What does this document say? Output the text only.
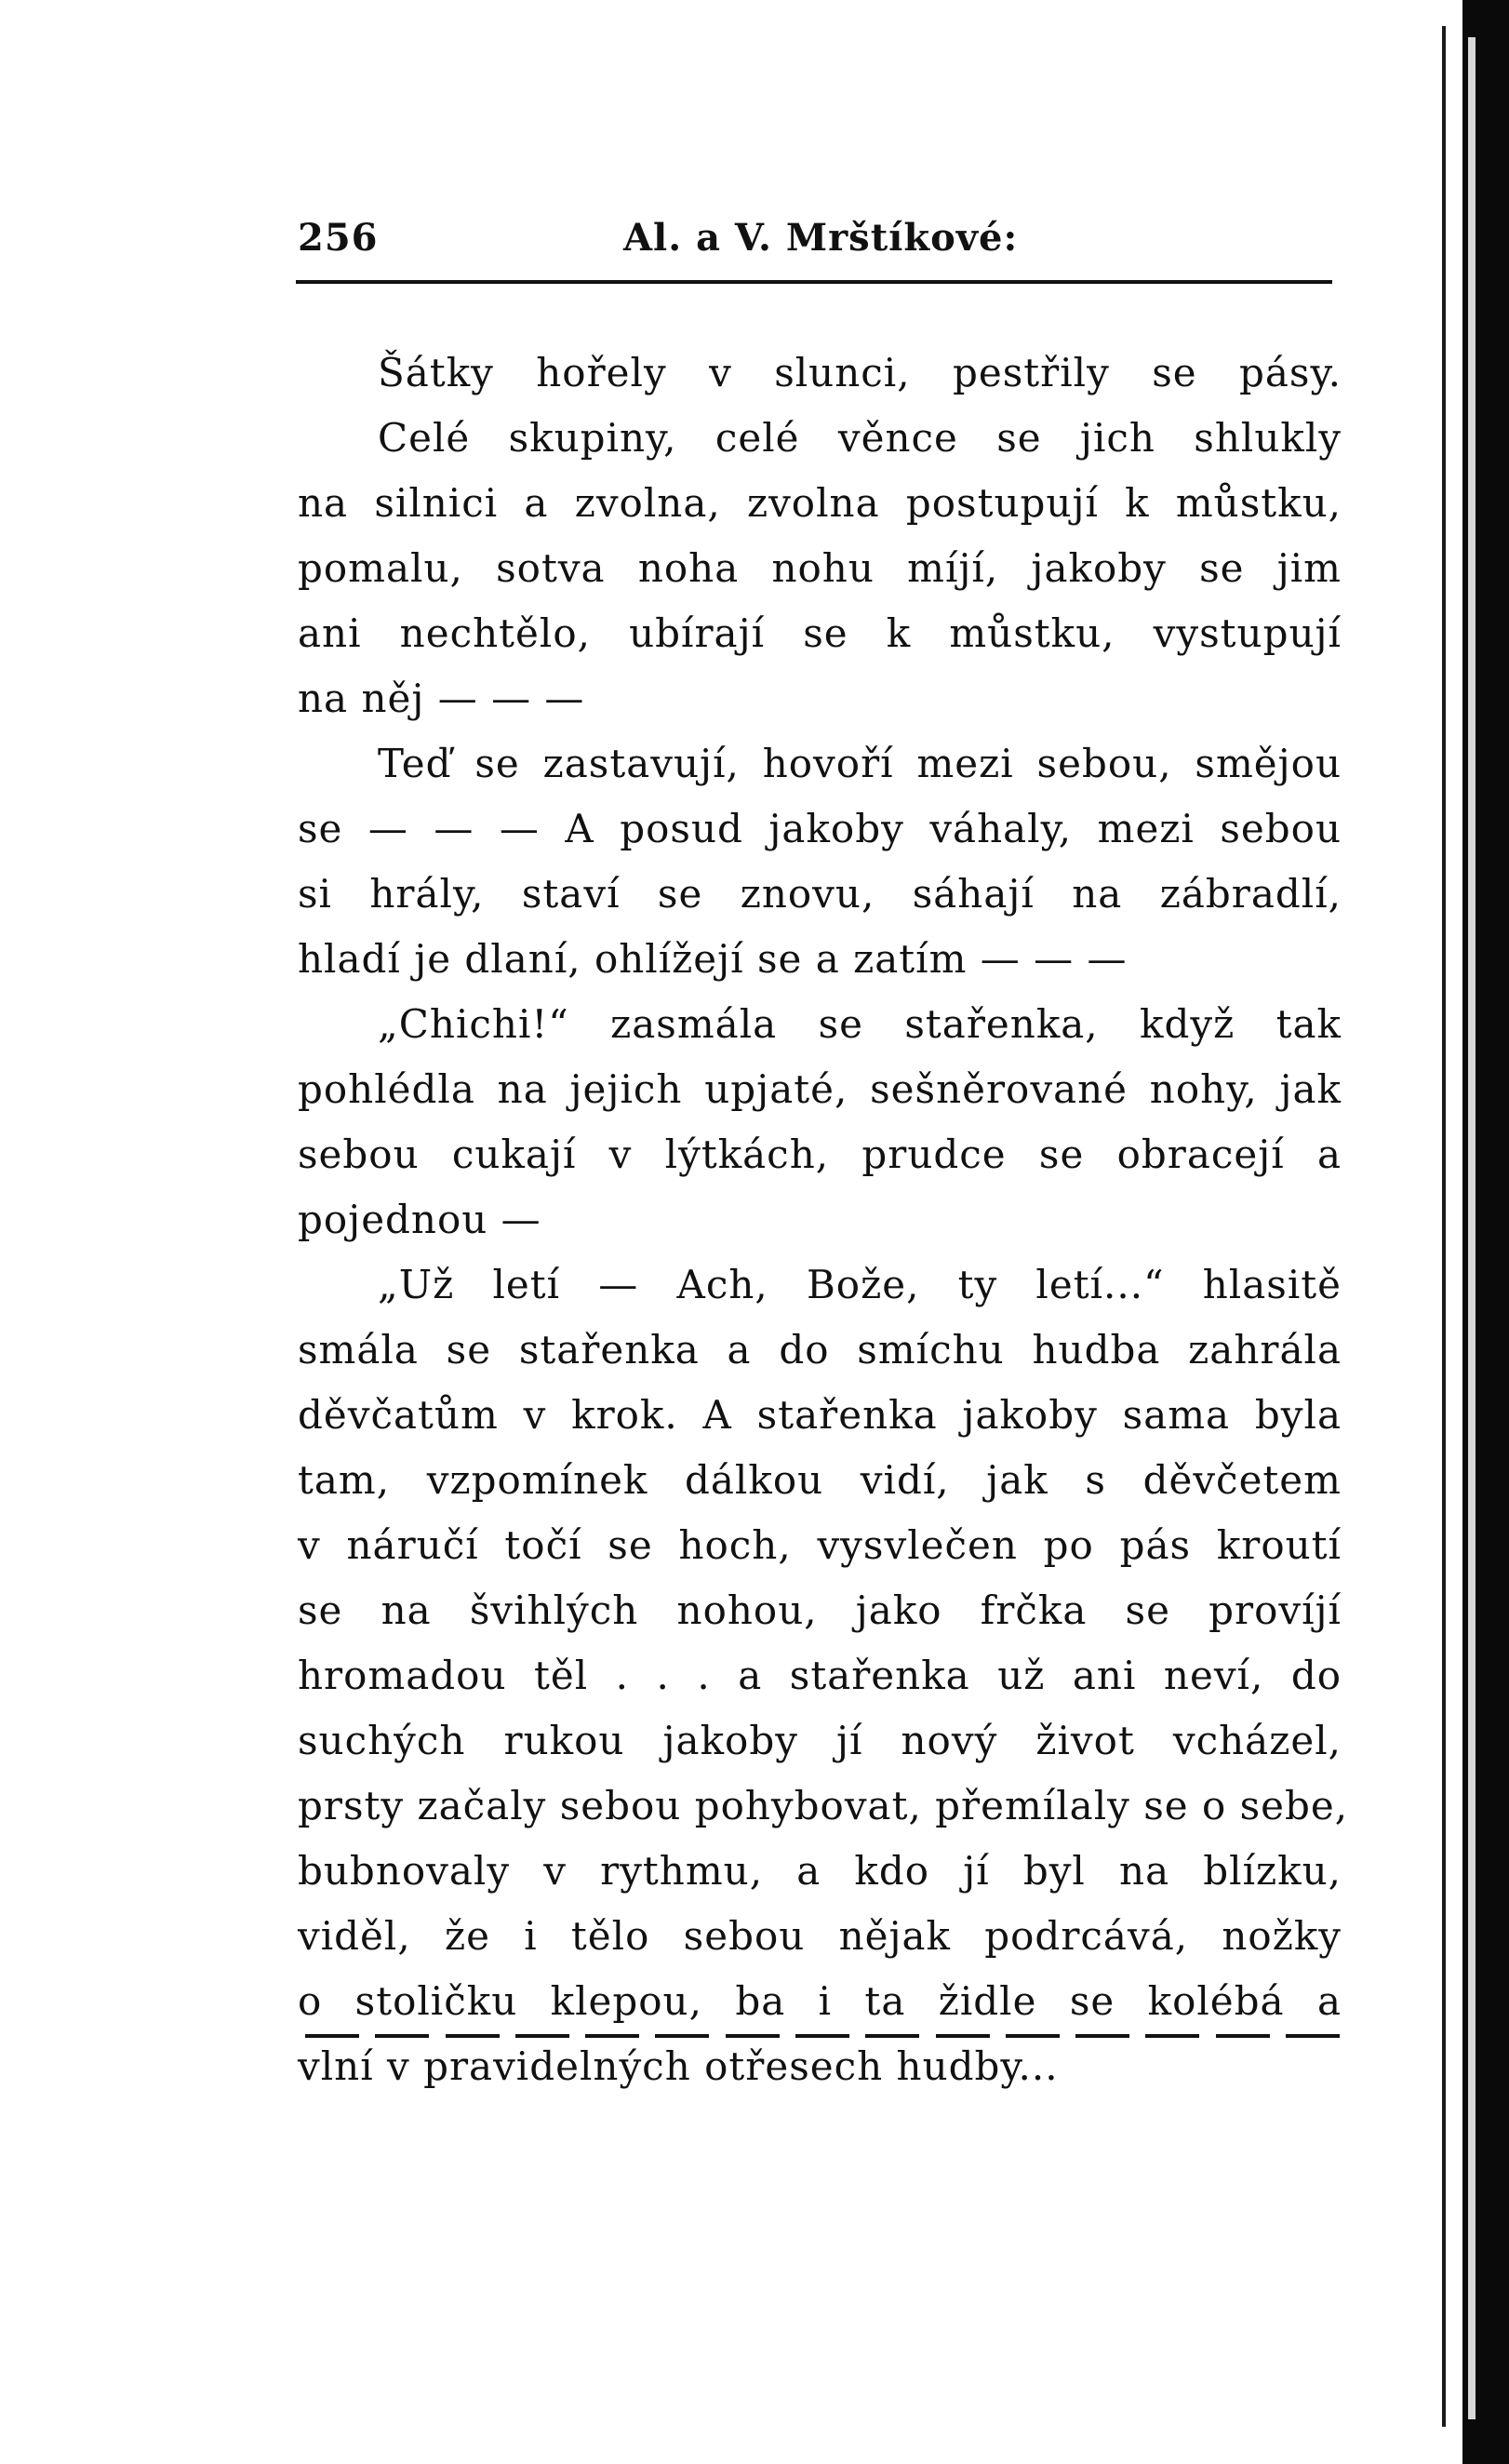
256	Al. a V. Mrštíkové:
Šátky hořely v slunci, pestřily se pásy.
Celé skupiny, celé věnce se jich shlukly
na silnici a zvolna, zvolna postupují k můstku,
pomalu, sotva noha nohu míjí, jakoby se jim
ani nechtělo, ubírají se k můstku, vystupují
na něj — — —
Teď se zastavují, hovoří mezi sebou, smějou
se — — — A posud jakoby váhaly, mezi sebou
si hrály, staví se znovu, sáhají na zábradlí,
hladí je dlaní, ohlížejí se a zatím — — —
„Chichi!“ zasmála se stařenka, když tak
pohlédla na jejich upjaté, sešněrované nohy, jak
sebou cukají v lýtkách, prudce se obracejí a
pojednou —
„Už letí — Ach, Bože, ty letí...“ hlasitě
smála se stařenka a do smíchu hudba zahrála
děvčatům v krok. A stařenka jakoby sama byla
tam, vzpomínek dálkou vidí, jak s děvčetem
v náručí točí se hoch, vysvlečen po pás kroutí
se na švihlých nohou, jako frčka se províjí
hromadou těl . . . a stařenka už ani neví, do
suchých rukou jakoby jí nový život vcházel,
prsty začaly sebou pohybovat, přemílaly se o sebe,
bubnovaly v rythmu, a kdo jí byl na blízku,
viděl, že i tělo sebou nějak podrcává, nožky
o stoličku klepou, ba i ta židle se kolébá a
vlní v pravidelných otřesech hudby...
